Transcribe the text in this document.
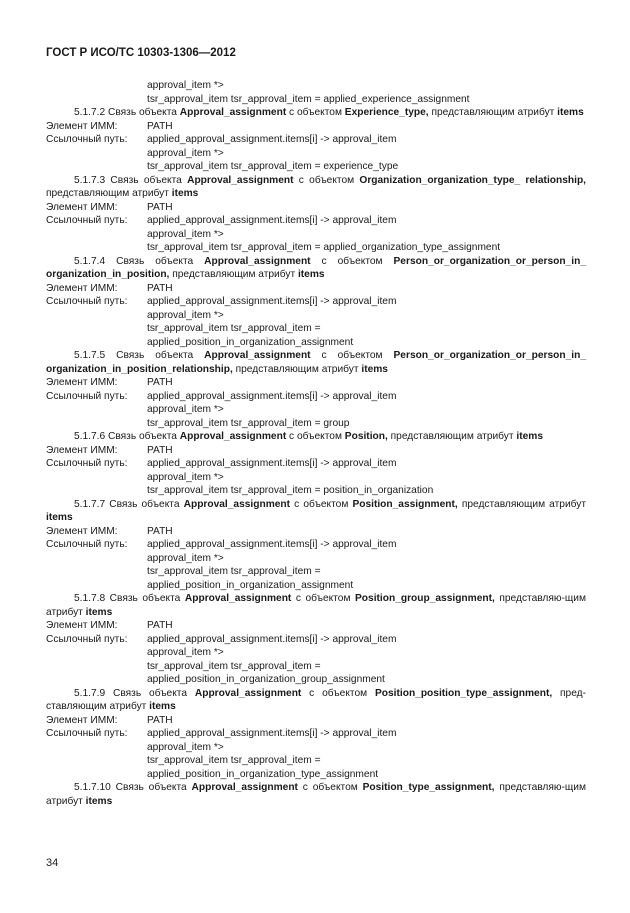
ГОСТ Р ИСО/ТС 10303-1306—2012
approval_item *>
tsr_approval_item tsr_approval_item = applied_experience_assignment
5.1.7.2 Связь объекта Approval_assignment с объектом Experience_type, представляющим атрибут items
Элемент ИММ:	PATH
Ссылочный путь: applied_approval_assignment.items[i] -> approval_item
approval_item *>
tsr_approval_item tsr_approval_item = experience_type
5.1.7.3 Связь объекта Approval_assignment с объектом Organization_organization_type_ relationship, представляющим атрибут items
Элемент ИММ:	PATH
Ссылочный путь: applied_approval_assignment.items[i] -> approval_item
approval_item *>
tsr_approval_item tsr_approval_item = applied_organization_type_assignment
5.1.7.4 Связь объекта Approval_assignment с объектом Person_or_organization_or_person_in_ organization_in_position, представляющим атрибут items
Элемент ИММ:	PATH
Ссылочный путь: applied_approval_assignment.items[i] -> approval_item
approval_item *>
tsr_approval_item tsr_approval_item =
applied_position_in_organization_assignment
5.1.7.5 Связь объекта Approval_assignment с объектом Person_or_organization_or_person_in_ organization_in_position_relationship, представляющим атрибут items
Элемент ИММ:	PATH
Ссылочный путь: applied_approval_assignment.items[i] -> approval_item
approval_item *>
tsr_approval_item tsr_approval_item = group
5.1.7.6 Связь объекта Approval_assignment с объектом Position, представляющим атрибут items
Элемент ИММ:	PATH
Ссылочный путь: applied_approval_assignment.items[i] -> approval_item
approval_item *>
tsr_approval_item tsr_approval_item = position_in_organization
5.1.7.7 Связь объекта Approval_assignment с объектом Position_assignment, представляющим атрибут items
Элемент ИММ:	PATH
Ссылочный путь: applied_approval_assignment.items[i] -> approval_item
approval_item *>
tsr_approval_item tsr_approval_item =
applied_position_in_organization_assignment
5.1.7.8 Связь объекта Approval_assignment с объектом Position_group_assignment, представляю-щим атрибут items
Элемент ИММ:	PATH
Ссылочный путь: applied_approval_assignment.items[i] -> approval_item
approval_item *>
tsr_approval_item tsr_approval_item =
applied_position_in_organization_group_assignment
5.1.7.9 Связь объекта Approval_assignment с объектом Position_position_type_assignment, пред-ставляющим атрибут items
Элемент ИММ:	PATH
Ссылочный путь: applied_approval_assignment.items[i] -> approval_item
approval_item *>
tsr_approval_item tsr_approval_item =
applied_position_in_organization_type_assignment
5.1.7.10 Связь объекта Approval_assignment с объектом Position_type_assignment, представляю-щим атрибут items
34
